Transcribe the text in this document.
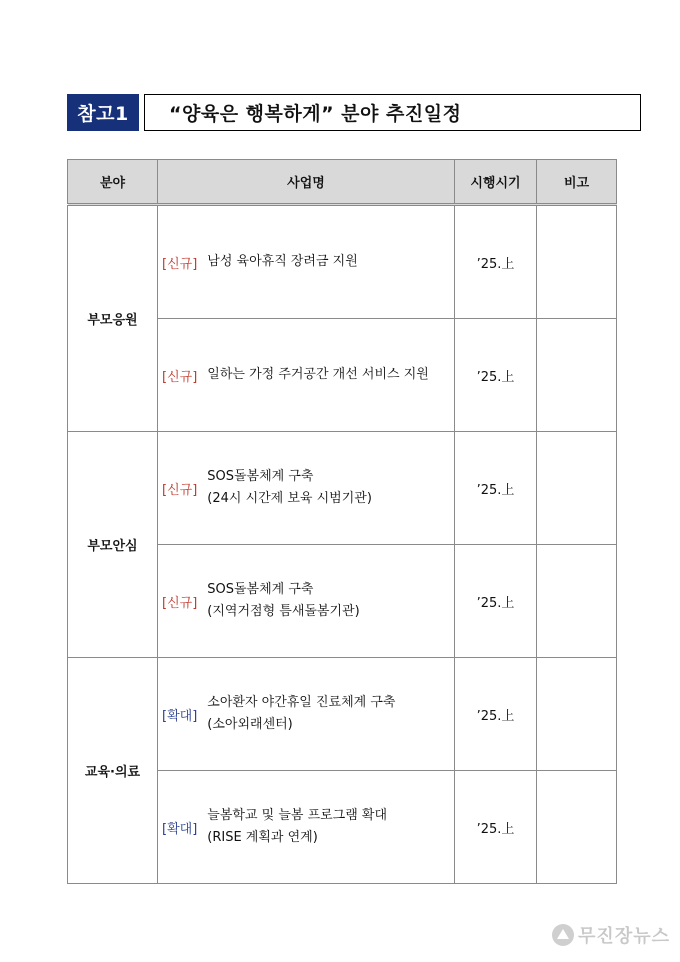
참고1	“양육은 행복하게” 분야 추진일정
분야	사업명	시행시기	비고
부모응원	[신규] 남성 육아휴직 장려금 지원	’25.上	

	[신규] 일하는 가정 주거공간 개선 서비스 지원	’25.上	
부모안심	[신규]
SOS돌봄체계 구축
(24시 시간제 보육 시범기관)	’25.上	

	[신규]
SOS돌봄체계 구축
(지역거점형 틈새돌봄기관)	’25.上	
교육·의료	[확대]
소아환자 야간휴일 진료체계 구축
(소아외래센터)	’25.上	

	[확대]
늘봄학교 및 늘봄 프로그램 확대
(RISE 계획과 연계)	’25.上	
무진장뉴스
